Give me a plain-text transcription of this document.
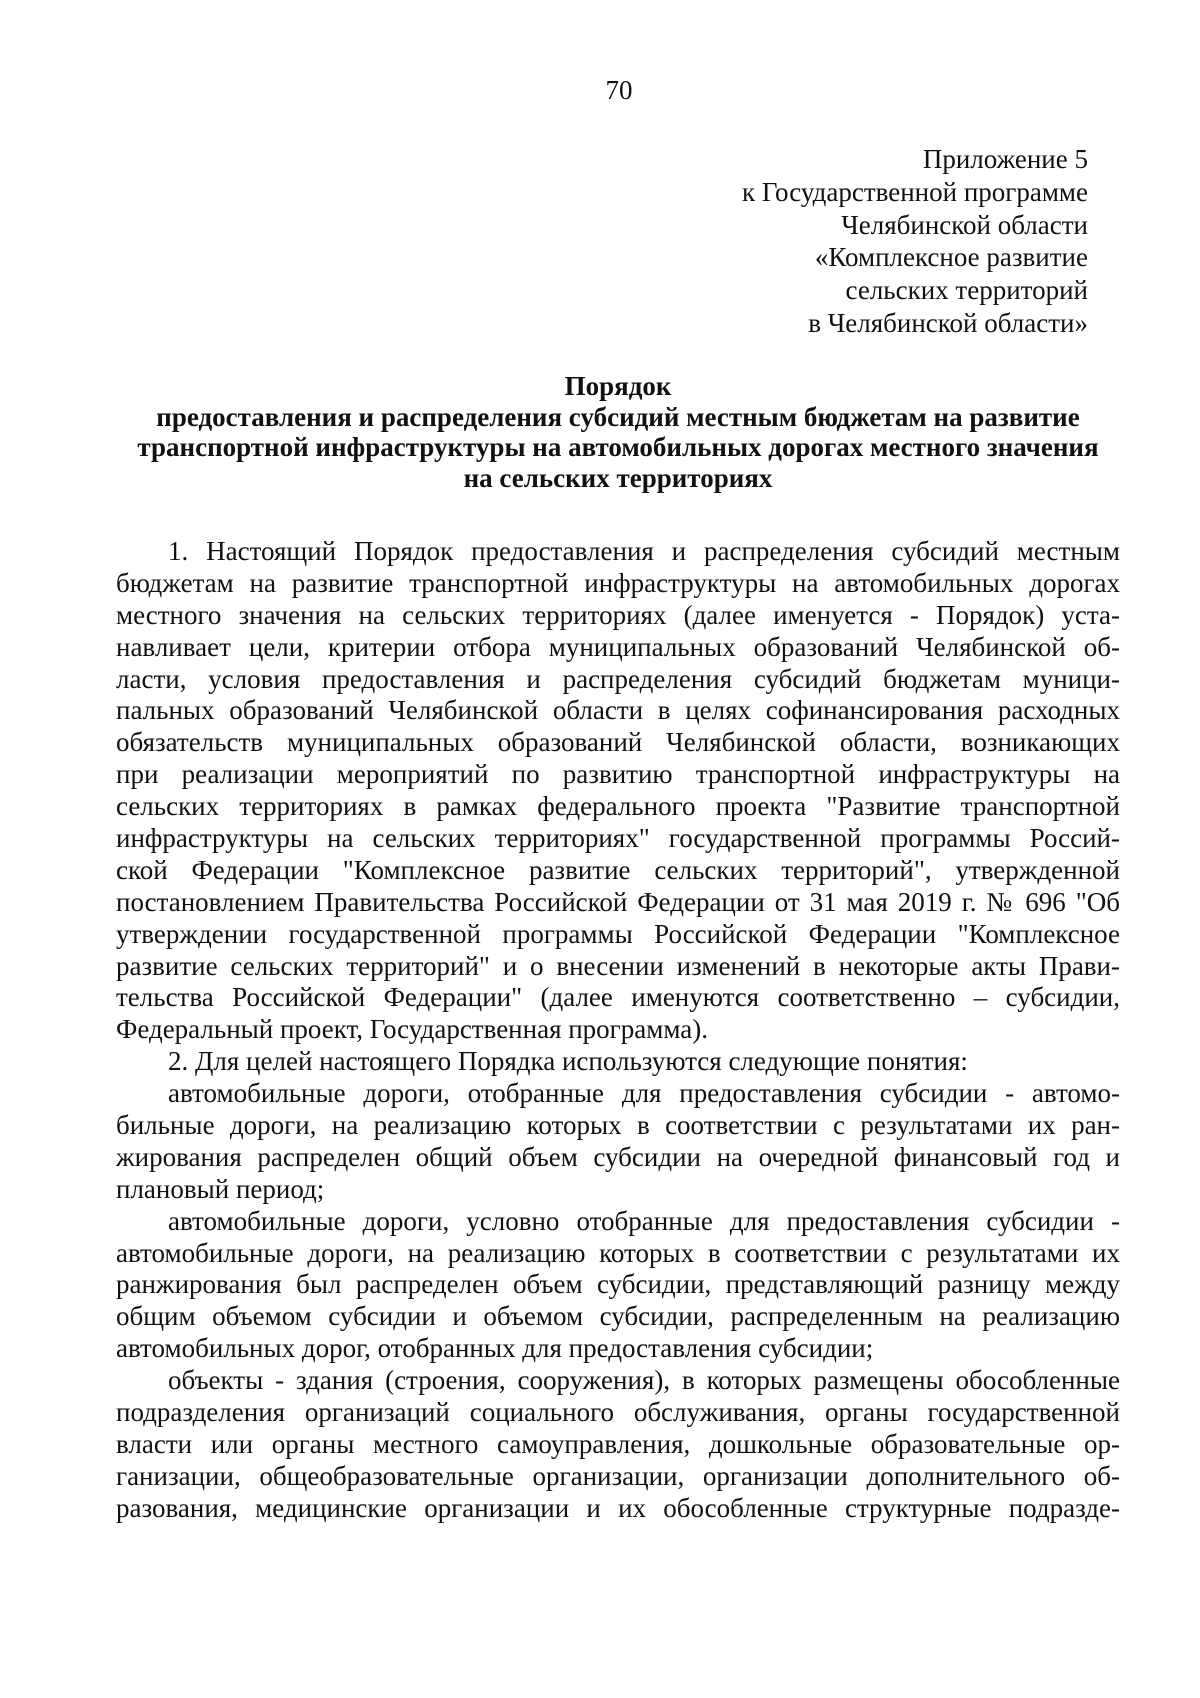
70
Приложение 5
к Государственной программе
Челябинской области
«Комплексное развитие
сельских территорий
в Челябинской области»
Порядок
предоставления и распределения субсидий местным бюджетам на развитие
транспортной инфраструктуры на автомобильных дорогах местного значения
на сельских территориях
1. Настоящий Порядок предоставления и распределения субсидий местным
бюджетам на развитие транспортной инфраструктуры на автомобильных дорогах
местного значения на сельских территориях (далее именуется - Порядок) уста-
навливает цели, критерии отбора муниципальных образований Челябинской об-
ласти, условия предоставления и распределения субсидий бюджетам муници-
пальных образований Челябинской области в целях софинансирования расходных
обязательств муниципальных образований Челябинской области, возникающих
при реализации мероприятий по развитию транспортной инфраструктуры на
сельских территориях в рамках федерального проекта "Развитие транспортной
инфраструктуры на сельских территориях" государственной программы Россий-
ской Федерации "Комплексное развитие сельских территорий", утвержденной
постановлением Правительства Российской Федерации от 31 мая 2019 г. № 696 "Об
утверждении государственной программы Российской Федерации "Комплексное
развитие сельских территорий" и о внесении изменений в некоторые акты Прави-
тельства Российской Федерации" (далее именуются соответственно – субсидии,
Федеральный проект, Государственная программа).
2. Для целей настоящего Порядка используются следующие понятия:
автомобильные дороги, отобранные для предоставления субсидии - автомо-
бильные дороги, на реализацию которых в соответствии с результатами их ран-
жирования распределен общий объем субсидии на очередной финансовый год и
плановый период;
автомобильные дороги, условно отобранные для предоставления субсидии -
автомобильные дороги, на реализацию которых в соответствии с результатами их
ранжирования был распределен объем субсидии, представляющий разницу между
общим объемом субсидии и объемом субсидии, распределенным на реализацию
автомобильных дорог, отобранных для предоставления субсидии;
объекты - здания (строения, сооружения), в которых размещены обособленные
подразделения организаций социального обслуживания, органы государственной
власти или органы местного самоуправления, дошкольные образовательные ор-
ганизации, общеобразовательные организации, организации дополнительного об-
разования, медицинские организации и их обособленные структурные подразде-
